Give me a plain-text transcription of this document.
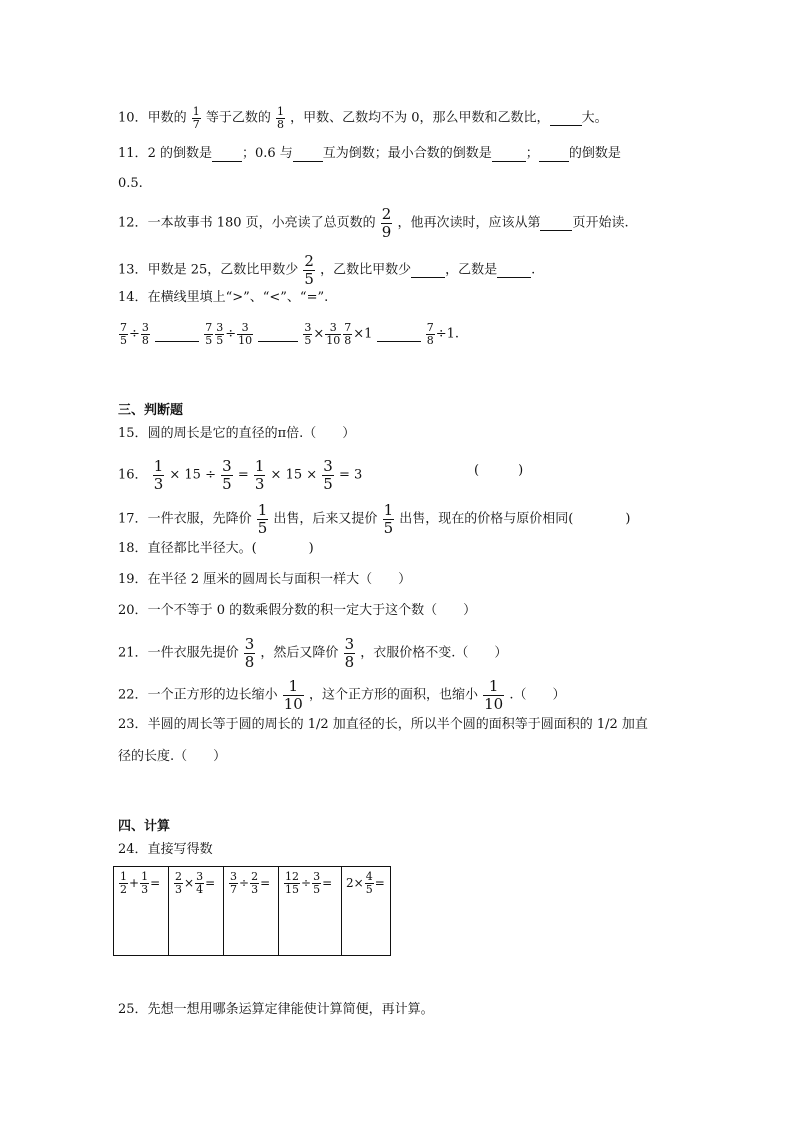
10．甲数的 $\frac{1}{7}$ 等于乙数的 $\frac{1}{8}$ ，甲数、乙数均不为 0，那么甲数和乙数比， 大。
11．2 的倒数是 ；0.6 与 互为倒数；最小合数的倒数是	； 的倒数是
0.5.
12．一本故事书 180 页，小亮读了总页数的 $\frac{2}{9}$ ，他再次读时，应该从第 页开始读.
13．甲数是 25，乙数比甲数少 $\frac{2}{5}$ ，乙数比甲数少	，乙数是	.
14．在横线里填上“>”、“<”、“=”.
$\frac{7}{5} \div \frac{3}{8}$
	$\frac{7}{5} \frac{3}{5} \div \frac{3}{10}$
	$\frac{3}{5} \times \frac{3}{10} \frac{7}{8} \times 1$	$\frac{7}{8} \div 1$.
三、判断题
15．圆的周长是它的直径的π倍.（　　）
16． $\frac{1}{3} \times 15 \div \frac{3}{5} = \frac{1}{3} \times 15 \times \frac{3}{5} = 3$	(　　　)
17．一件衣服，先降价 $\frac{1}{5}$ 出售，后来又提价 $\frac{1}{5}$ 出售，现在的价格与原价相同(　　　　)
18．直径都比半径大。(　　　　)
19．在半径 2 厘米的圆周长与面积一样大（　　）
20．一个不等于 0 的数乘假分数的积一定大于这个数（　　）
21．一件衣服先提价 $\frac{3}{8}$ ，然后又降价 $\frac{3}{8}$ ，衣服价格不变.（　　）
22．一个正方形的边长缩小 $\frac{1}{10}$ ，这个正方形的面积，也缩小 $\frac{1}{10}$ .（　　）
23．半圆的周长等于圆的周长的 1/2 加直径的长，所以半个圆的面积等于圆面积的 1/2 加直
径的长度.（　　）
四、计算
24．直接写得数
$\frac{1}{2} + \frac{1}{3}$ =	$\frac{2}{3} \times \frac{3}{4}$ =	$\frac{3}{7} \div \frac{2}{3}$ =	$\frac{12}{15} \div \frac{3}{5}$ =	$2\times \frac{4}{5}$ =
25．先想一想用哪条运算定律能使计算简便，再计算。
